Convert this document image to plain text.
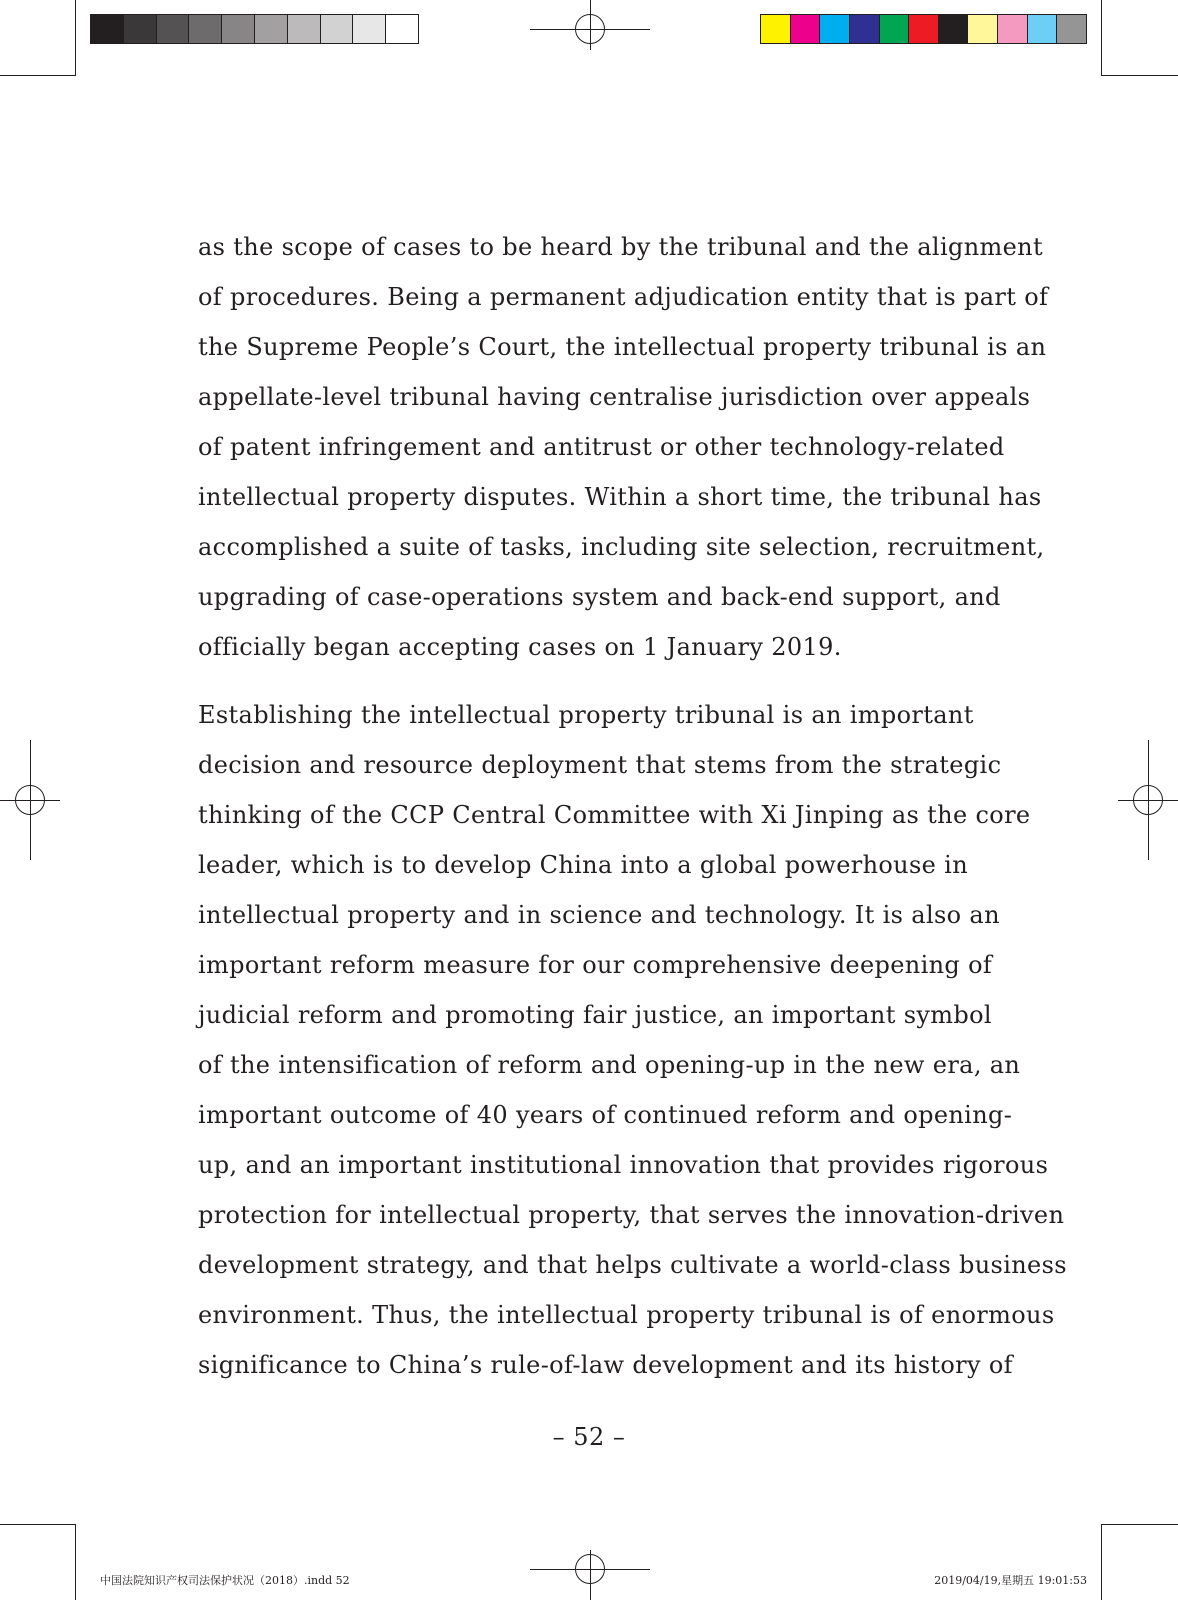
as the scope of cases to be heard by the tribunal and the alignment
of procedures. Being a permanent adjudication entity that is part of
the Supreme People’s Court, the intellectual property tribunal is an
appellate-level tribunal having centralise jurisdiction over appeals
of patent infringement and antitrust or other technology-related
intellectual property disputes. Within a short time, the tribunal has
accomplished a suite of tasks, including site selection, recruitment,
upgrading of case-operations system and back-end support, and
officially began accepting cases on 1 January 2019.
Establishing the intellectual property tribunal is an important
decision and resource deployment that stems from the strategic
thinking of the CCP Central Committee with Xi Jinping as the core
leader, which is to develop China into a global powerhouse in
intellectual property and in science and technology. It is also an
important reform measure for our comprehensive deepening of
judicial reform and promoting fair justice, an important symbol
of the intensification of reform and opening-up in the new era, an
important outcome of 40 years of continued reform and opening-
up, and an important institutional innovation that provides rigorous
protection for intellectual property, that serves the innovation-driven
development strategy, and that helps cultivate a world-class business
environment. Thus, the intellectual property tribunal is of enormous
significance to China’s rule-of-law development and its history of
– 52 –
中国法院知识产权司法保护状况（2018）.indd 52	2019/04/19,星期五 19:01:53
